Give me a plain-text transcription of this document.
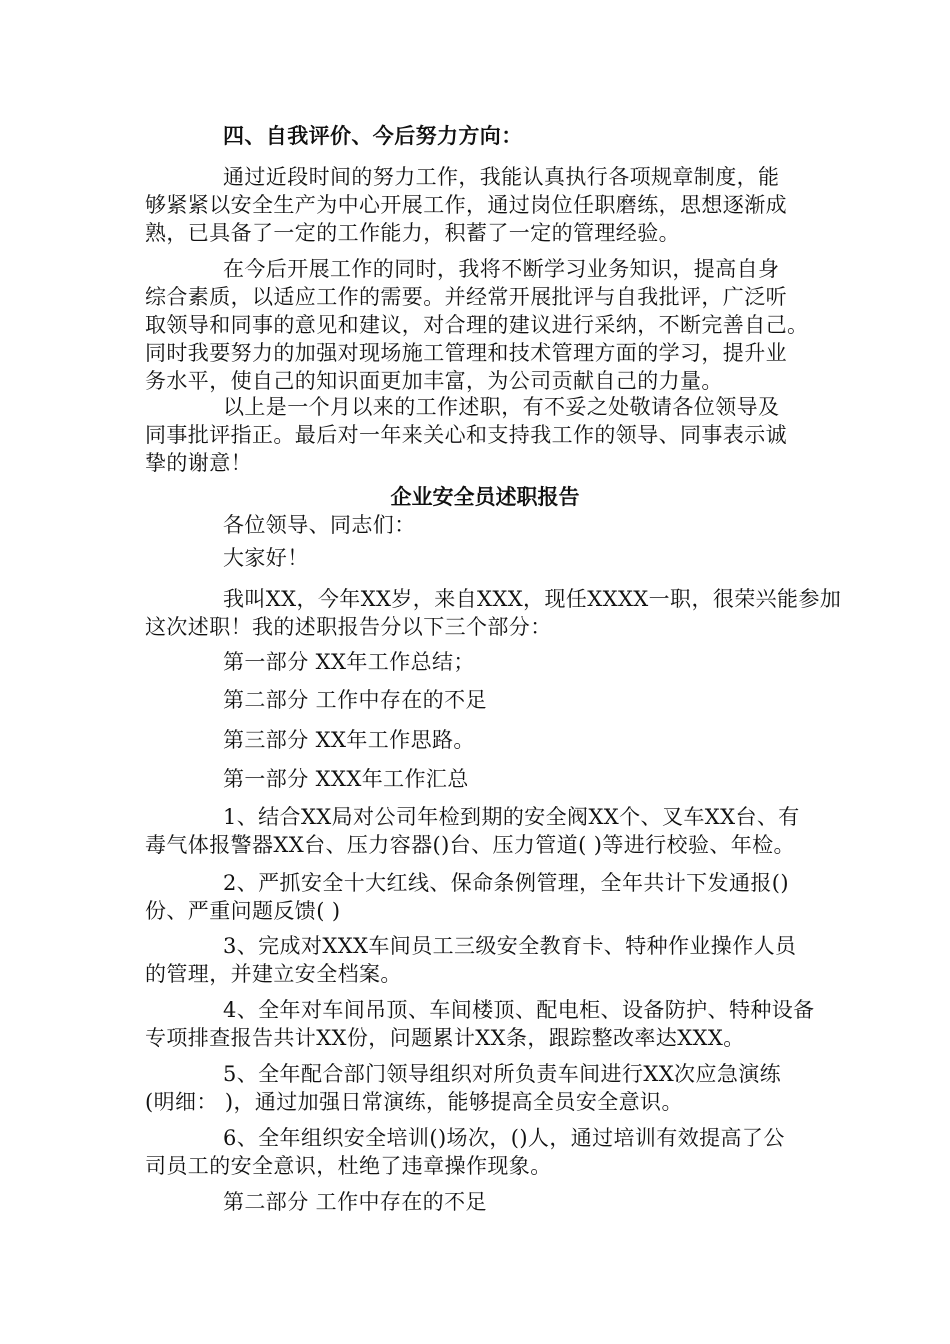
四、自我评价、今后努力方向：
通过近段时间的努力工作，我能认真执行各项规章制度，能
够紧紧以安全生产为中心开展工作，通过岗位任职磨练，思想逐渐成
熟，已具备了一定的工作能力，积蓄了一定的管理经验。
在今后开展工作的同时，我将不断学习业务知识，提高自身
综合素质，以适应工作的需要。并经常开展批评与自我批评，广泛听
取领导和同事的意见和建议，对合理的建议进行采纳，不断完善自己。
同时我要努力的加强对现场施工管理和技术管理方面的学习，提升业
务水平，使自己的知识面更加丰富，为公司贡献自己的力量。
以上是一个月以来的工作述职，有不妥之处敬请各位领导及
同事批评指正。最后对一年来关心和支持我工作的领导、同事表示诚
挚的谢意！
企业安全员述职报告
各位领导、同志们：
大家好！
我叫XX，今年XX岁，来自XXX，现任XXXX一职，很荣兴能参加
这次述职！我的述职报告分以下三个部分：
第一部分 XX年工作总结；
第二部分 工作中存在的不足
第三部分 XX年工作思路。
第一部分 XXX年工作汇总
1、结合XX局对公司年检到期的安全阀XX个、叉车XX台、有
毒气体报警器XX台、压力容器()台、压力管道( )等进行校验、年检。
2、严抓安全十大红线、保命条例管理，全年共计下发通报()
份、严重问题反馈( )
3、完成对XXX车间员工三级安全教育卡、特种作业操作人员
的管理，并建立安全档案。
4、全年对车间吊顶、车间楼顶、配电柜、设备防护、特种设备
专项排查报告共计XX份，问题累计XX条，跟踪整改率达XXX。
5、全年配合部门领导组织对所负责车间进行XX次应急演练
(明细： )，通过加强日常演练，能够提高全员安全意识。
6、全年组织安全培训()场次，()人，通过培训有效提高了公
司员工的安全意识，杜绝了违章操作现象。
第二部分 工作中存在的不足
